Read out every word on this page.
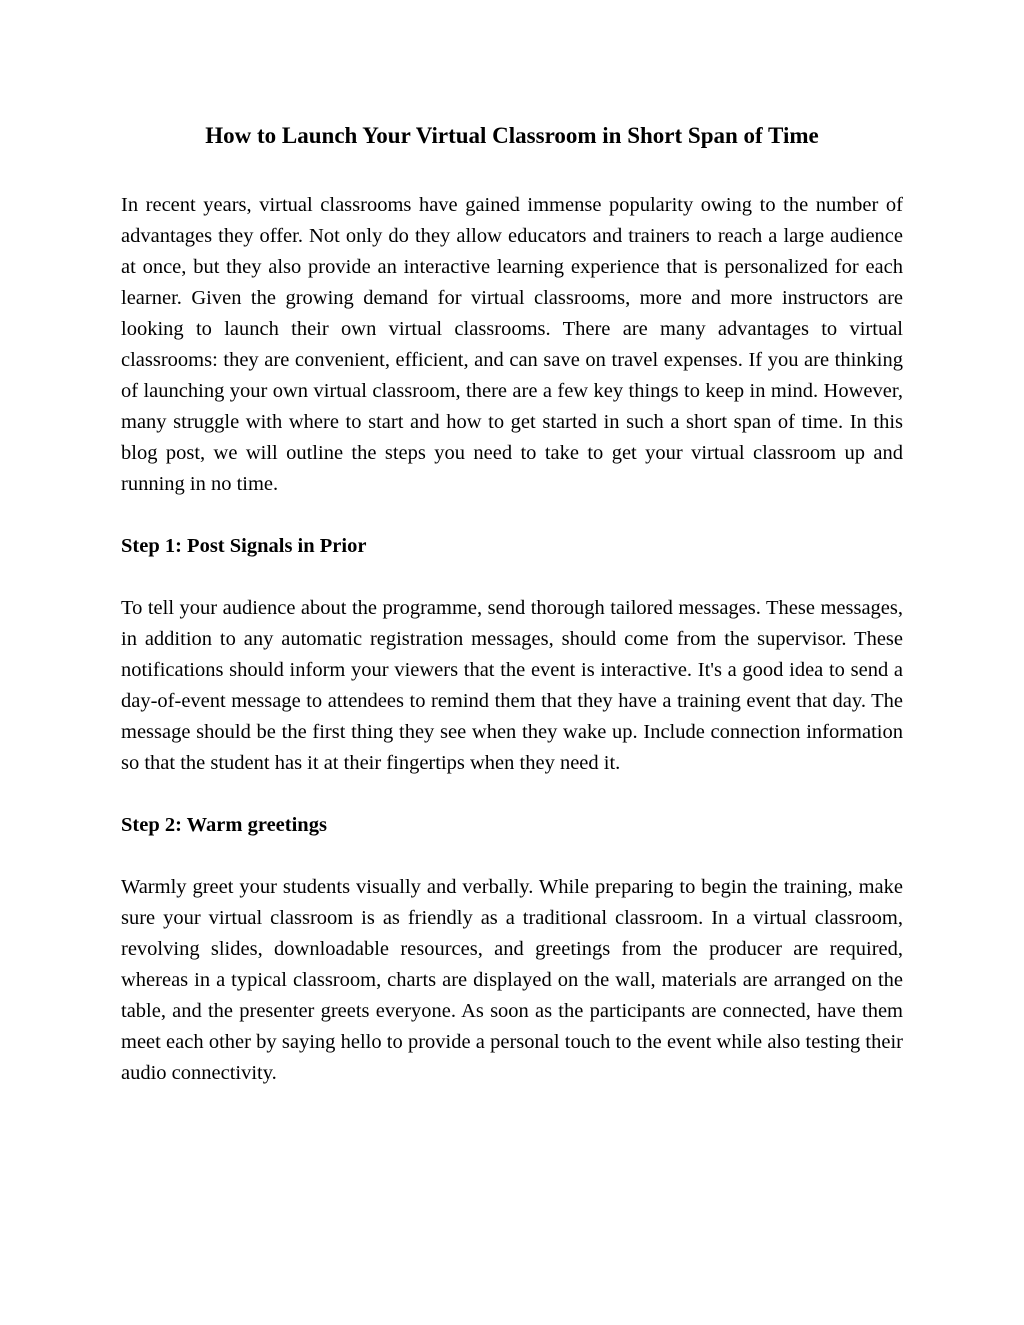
How to Launch Your Virtual Classroom in Short Span of Time

In recent years, virtual classrooms have gained immense popularity owing to the number of advantages they offer. Not only do they allow educators and trainers to reach a large audience at once, but they also provide an interactive learning experience that is personalized for each learner. Given the growing demand for virtual classrooms, more and more instructors are looking to launch their own virtual classrooms. There are many advantages to virtual classrooms: they are convenient, efficient, and can save on travel expenses. If you are thinking of launching your own virtual classroom, there are a few key things to keep in mind. However, many struggle with where to start and how to get started in such a short span of time. In this blog post, we will outline the steps you need to take to get your virtual classroom up and running in no time.

Step 1: Post Signals in Prior

To tell your audience about the programme, send thorough tailored messages. These messages, in addition to any automatic registration messages, should come from the supervisor. These notifications should inform your viewers that the event is interactive. It's a good idea to send a day-of-event message to attendees to remind them that they have a training event that day. The message should be the first thing they see when they wake up. Include connection information so that the student has it at their fingertips when they need it.

Step 2: Warm greetings

Warmly greet your students visually and verbally. While preparing to begin the training, make sure your virtual classroom is as friendly as a traditional classroom. In a virtual classroom, revolving slides, downloadable resources, and greetings from the producer are required, whereas in a typical classroom, charts are displayed on the wall, materials are arranged on the table, and the presenter greets everyone. As soon as the participants are connected, have them meet each other by saying hello to provide a personal touch to the event while also testing their audio connectivity.
